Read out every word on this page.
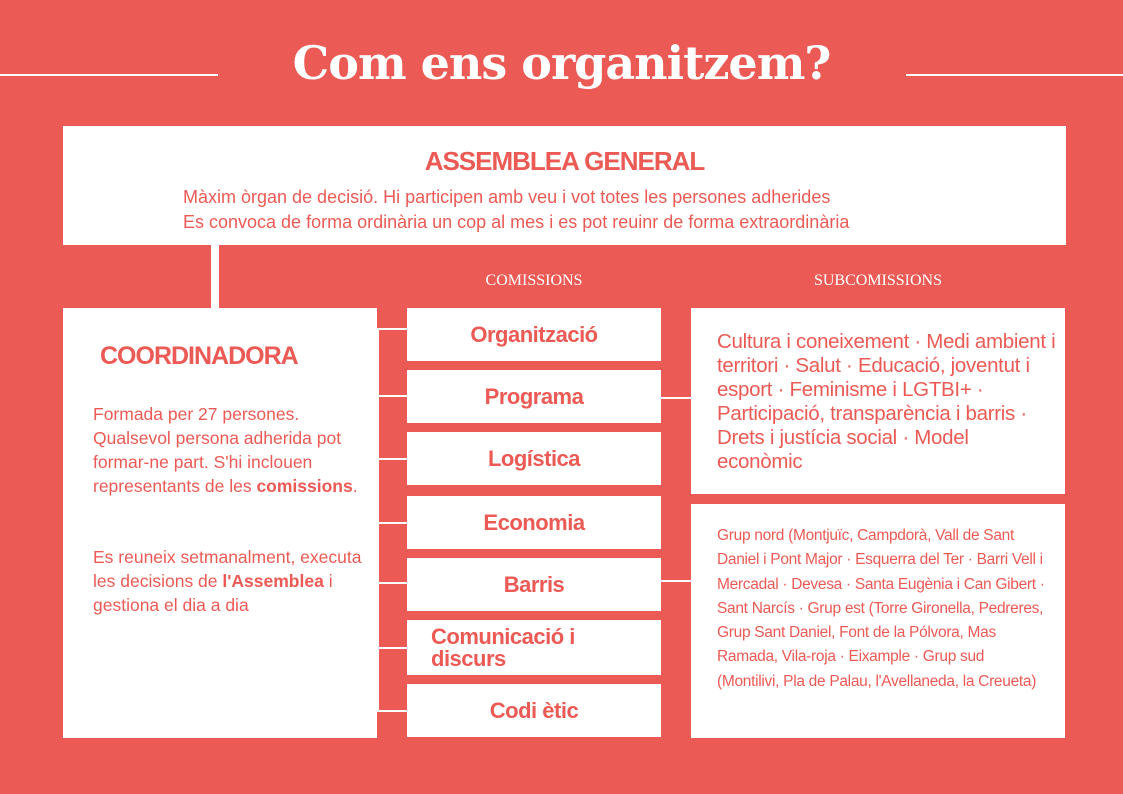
Com ens organitzem?
ASSEMBLEA GENERAL
Màxim òrgan de decisió. Hi participen amb veu i vot totes les persones adherides
Es convoca de forma ordinària un cop al mes i es pot reuinr de forma extraordinària
COMISSIONS	SUBCOMISSIONS
COORDINADORA
Formada per 27 persones. Qualsevol persona adherida pot formar-ne part. S'hi inclouen representants de les comissions.
Es reuneix setmanalment, executa les decisions de l'Assemblea i gestiona el dia a dia
Organització
Programa
Logística
Economia
Barris
Comunicació i discurs
Codi ètic
Cultura i coneixement · Medi ambient i territori · Salut · Educació, joventut i esport · Feminisme i LGTBI+ · Participació, transparència i barris · Drets i justícia social · Model econòmic
Grup nord (Montjuïc, Campdorà, Vall de Sant Daniel i Pont Major · Esquerra del Ter · Barri Vell i Mercadal · Devesa · Santa Eugènia i Can Gibert · Sant Narcís · Grup est (Torre Gironella, Pedreres, Grup Sant Daniel, Font de la Pólvora, Mas Ramada, Vila-roja · Eixample · Grup sud (Montilivi, Pla de Palau, l'Avellaneda, la Creueta)
